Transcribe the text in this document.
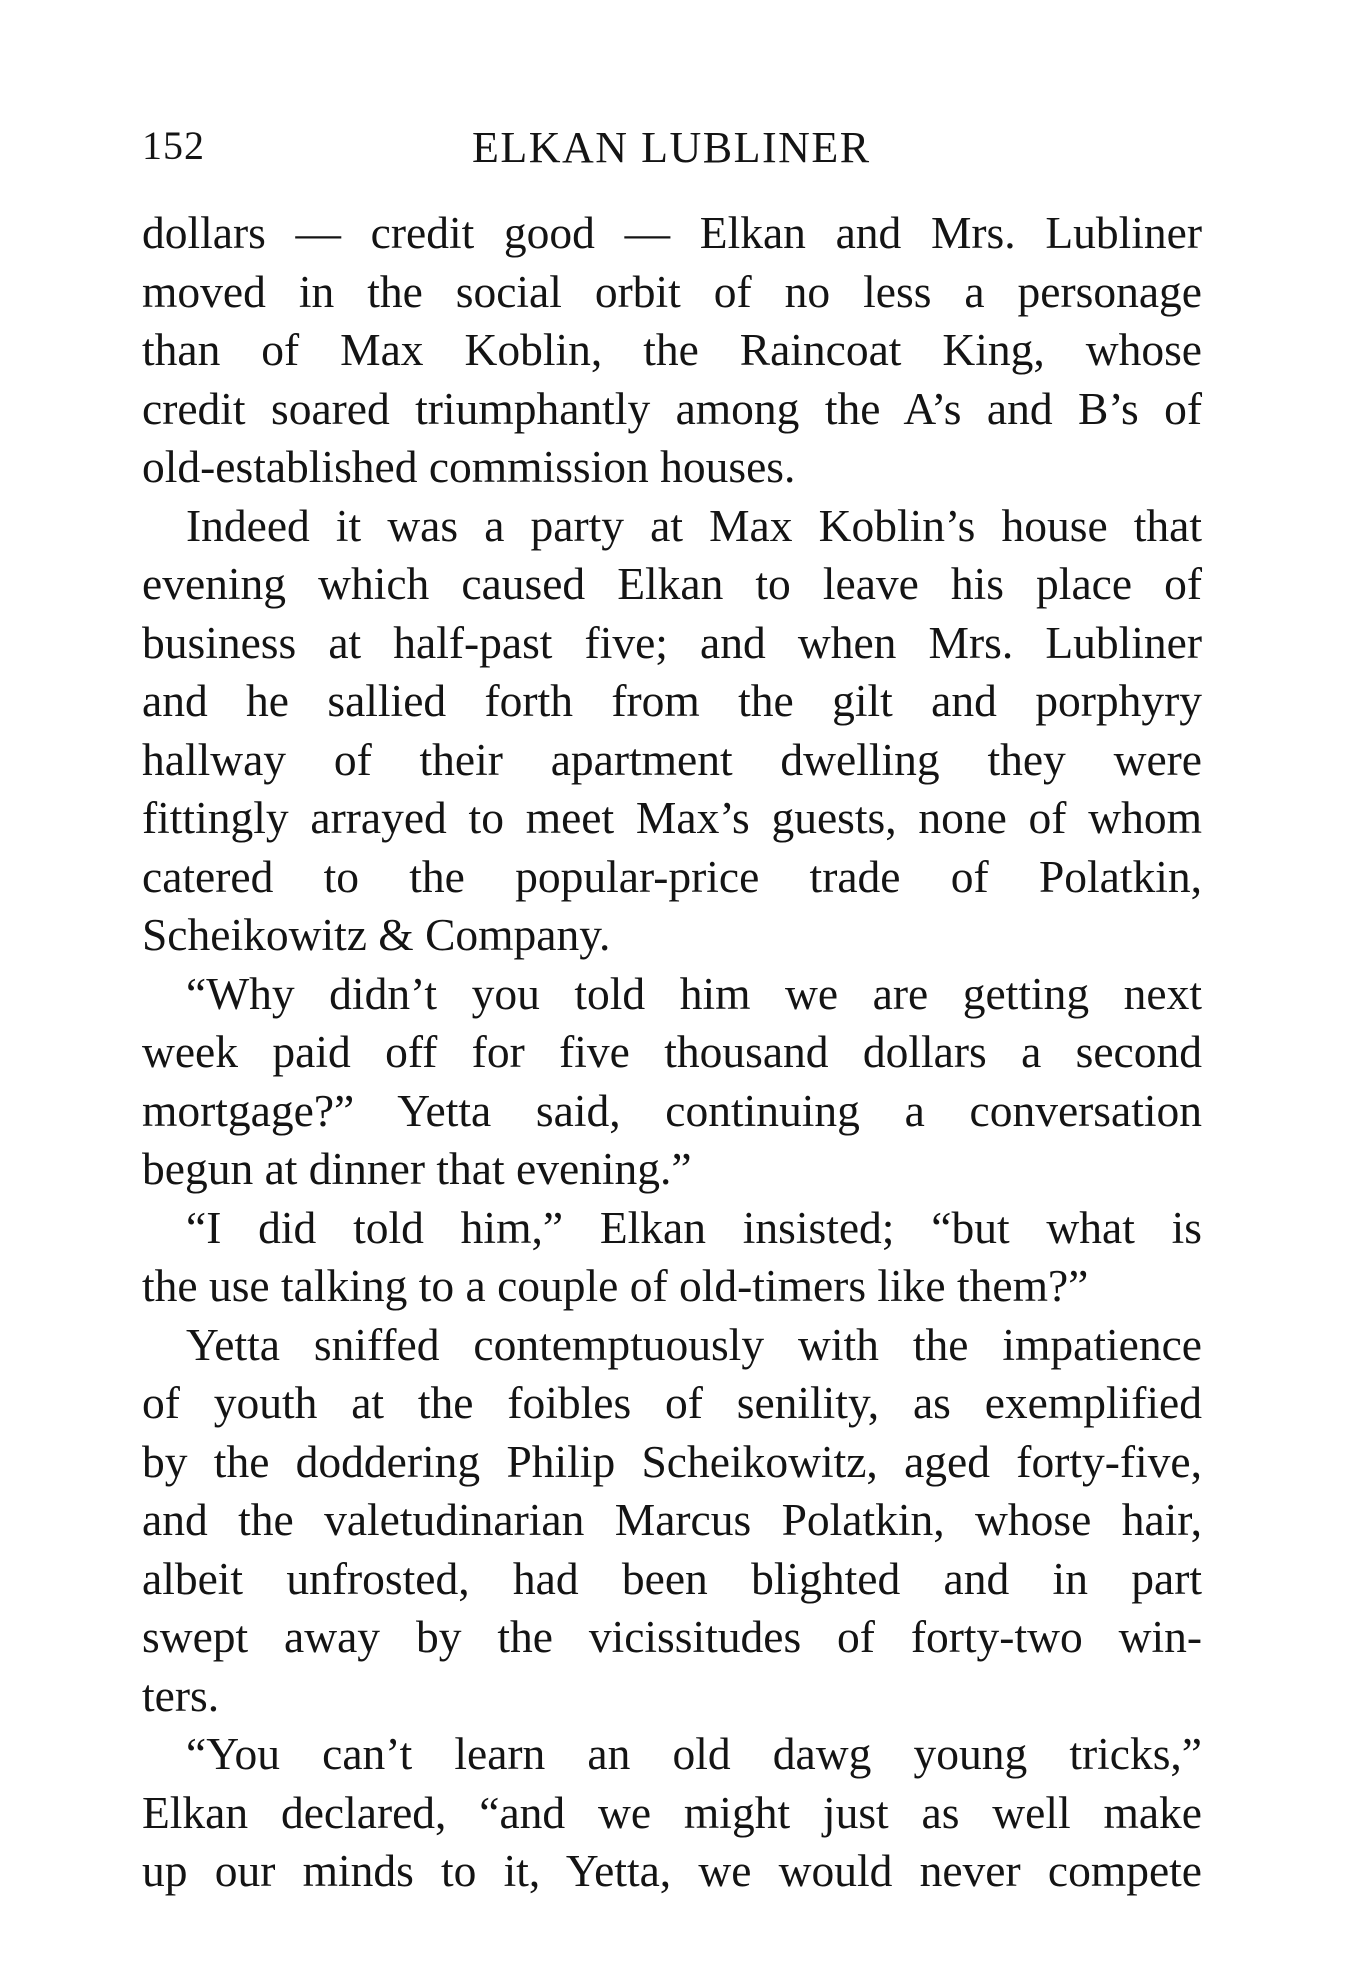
152	ELKAN LUBLINER
dollars — credit good — Elkan and Mrs. Lubliner
moved in the social orbit of no less a personage
than of Max Koblin, the Raincoat King, whose
credit soared triumphantly among the A’s and B’s of
old-established commission houses.
Indeed it was a party at Max Koblin’s house that
evening which caused Elkan to leave his place of
business at half-past five; and when Mrs. Lubliner
and he sallied forth from the gilt and porphyry
hallway of their apartment dwelling they were
fittingly arrayed to meet Max’s guests, none of whom
catered to the popular-price trade of Polatkin,
Scheikowitz & Company.
“Why didn’t you told him we are getting next
week paid off for five thousand dollars a second
mortgage?” Yetta said, continuing a conversation
begun at dinner that evening.”
“I did told him,” Elkan insisted; “but what is
the use talking to a couple of old-timers like them?”
Yetta sniffed contemptuously with the impatience
of youth at the foibles of senility, as exemplified
by the doddering Philip Scheikowitz, aged forty-five,
and the valetudinarian Marcus Polatkin, whose hair,
albeit unfrosted, had been blighted and in part
swept away by the vicissitudes of forty-two win-
ters.
“You can’t learn an old dawg young tricks,”
Elkan declared, “and we might just as well make
up our minds to it, Yetta, we would never compete
